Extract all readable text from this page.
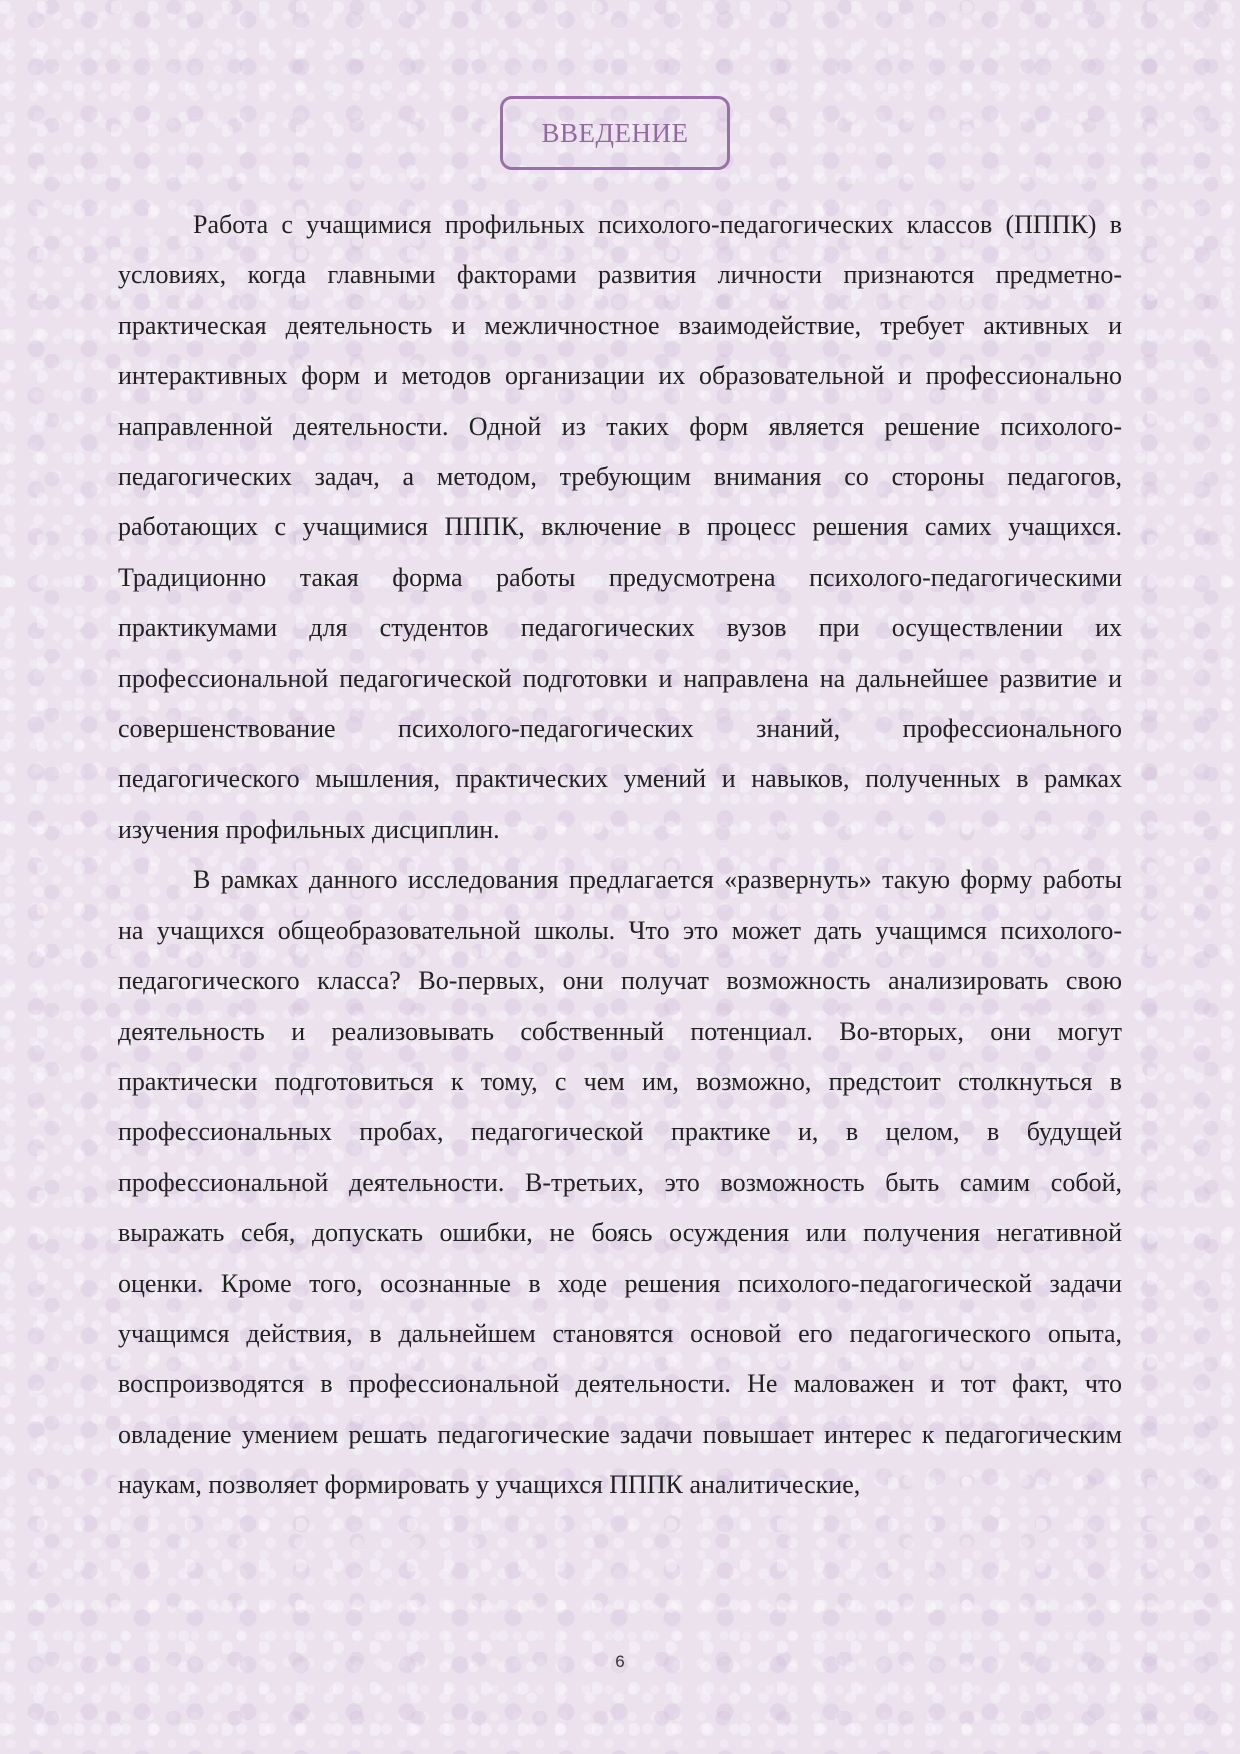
ВВЕДЕНИЕ

Работа с учащимися профильных психолого-педагогических классов (ППП​К) в условиях, когда главными факторами развития личности признаются предметно-практическая деятельность и межличностное взаимодействие, требует активных и интерактивных форм и методов организации их образовательной и профессионально направленной деятельности. Одной из таких форм является решение психолого-педагогических задач, а методом, требующим внимания со стороны педагогов, работающих с учащимися ППП​К, включение в процесс решения самих учащихся. Традиционно такая форма работы предусмотрена психолого-педагогическими практикумами для студентов педагогических вузов при осуществлении их профессиональной педагогической подготовки и направлена на дальнейшее развитие и совершенствование психолого-педагогических знаний, профессионального педагогического мышления, практических умений и навыков, полученных в рамках изучения профильных дисциплин.

В рамках данного исследования предлагается «развернуть» такую форму работы на учащихся общеобразовательной школы. Что это может дать учащимся психолого-педагогического класса? Во-первых, они получат возможность анализировать свою деятельность и реализовывать собственный потенциал. Во-вторых, они могут практически подготовиться к тому, с чем им, возможно, предстоит столкнуться в профессиональных пробах, педагогической практике и, в целом, в будущей профессиональной деятельности. В-третьих, это возможность быть самим собой, выражать себя, допускать ошибки, не боясь осуждения или получения негативной оценки. Кроме того, осознанные в ходе решения психолого-педагогической задачи учащимся действия, в дальнейшем становятся основой его педагогического опыта, воспроизводятся в профессиональной деятельности. Не маловажен и тот факт, что овладение умением решать педагогические задачи повышает интерес к педагогическим наукам, позволяет формировать у учащихся ППП​К аналитические,

6
